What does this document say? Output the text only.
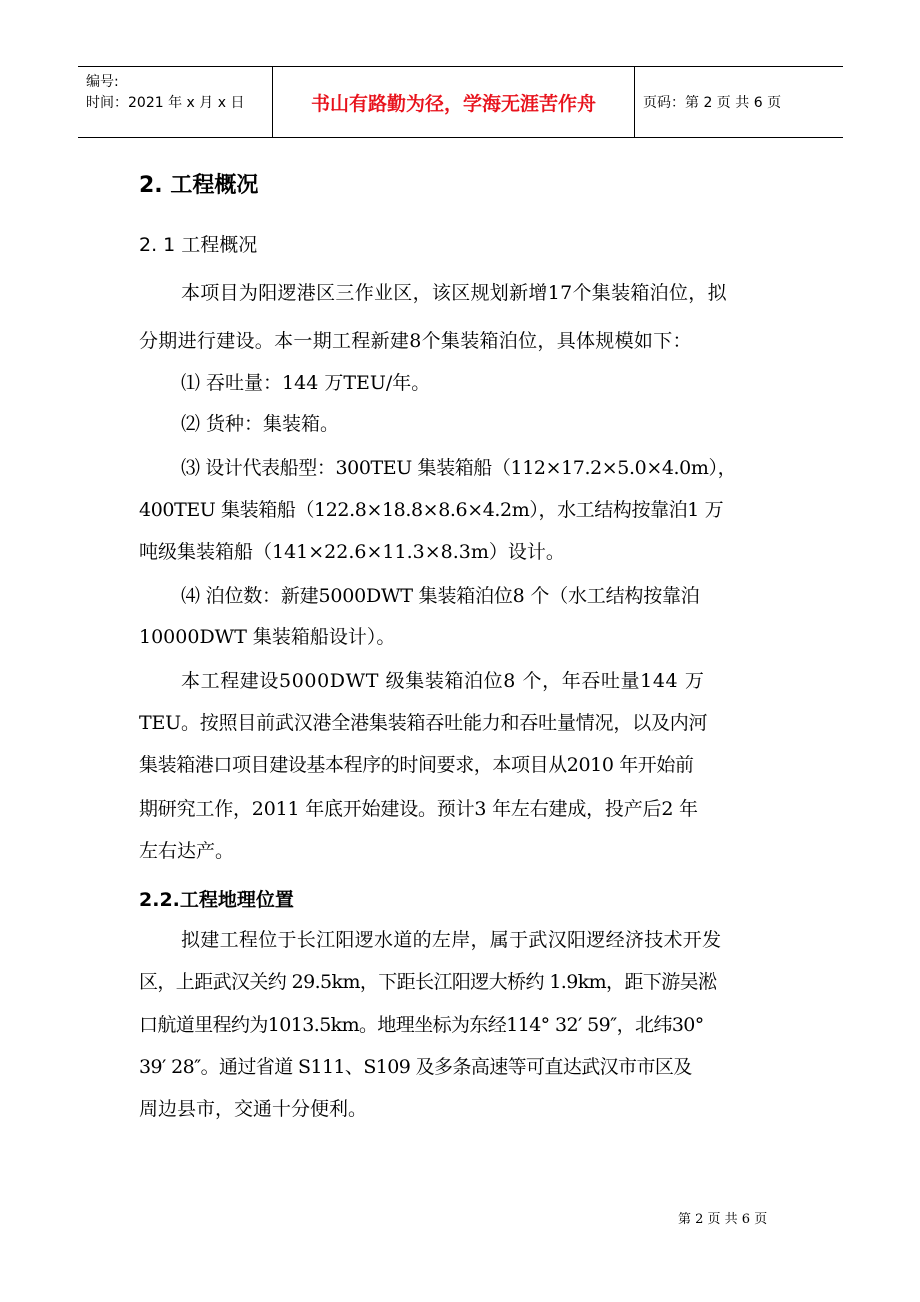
编号:
时间：2021 年 x 月 x 日	书山有路勤为径，学海无涯苦作舟	页码：第 2 页 共 6 页
2. 工程概况
2. 1 工程概况
本项目为阳逻港区三作业区，该区规划新增17个集装箱泊位，拟
分期进行建设。本一期工程新建8个集装箱泊位，具体规模如下：
⑴ 吞吐量：144 万TEU/年。
⑵ 货种：集装箱。
⑶ 设计代表船型：300TEU 集装箱船（112×17.2×5.0×4.0m），
400TEU 集装箱船（122.8×18.8×8.6×4.2m），水工结构按靠泊1 万
吨级集装箱船（141×22.6×11.3×8.3m）设计。
⑷ 泊位数：新建5000DWT 集装箱泊位8 个（水工结构按靠泊
10000DWT 集装箱船设计）。
本工程建设5000DWT 级集装箱泊位8 个，年吞吐量144 万
TEU。按照目前武汉港全港集装箱吞吐能力和吞吐量情况，以及内河
集装箱港口项目建设基本程序的时间要求，本项目从2010 年开始前
期研究工作，2011 年底开始建设。预计3 年左右建成，投产后2 年
左右达产。
2.2.工程地理位置
拟建工程位于长江阳逻水道的左岸，属于武汉阳逻经济技术开发
区，上距武汉关约 29.5km，下距长江阳逻大桥约 1.9km，距下游吴淞
口航道里程约为1013.5km。地理坐标为东经114° 32′ 59″，北纬30°
39′ 28″。通过省道 S111、S109 及多条高速等可直达武汉市市区及
周边县市，交通十分便利。
第 2 页 共 6 页
